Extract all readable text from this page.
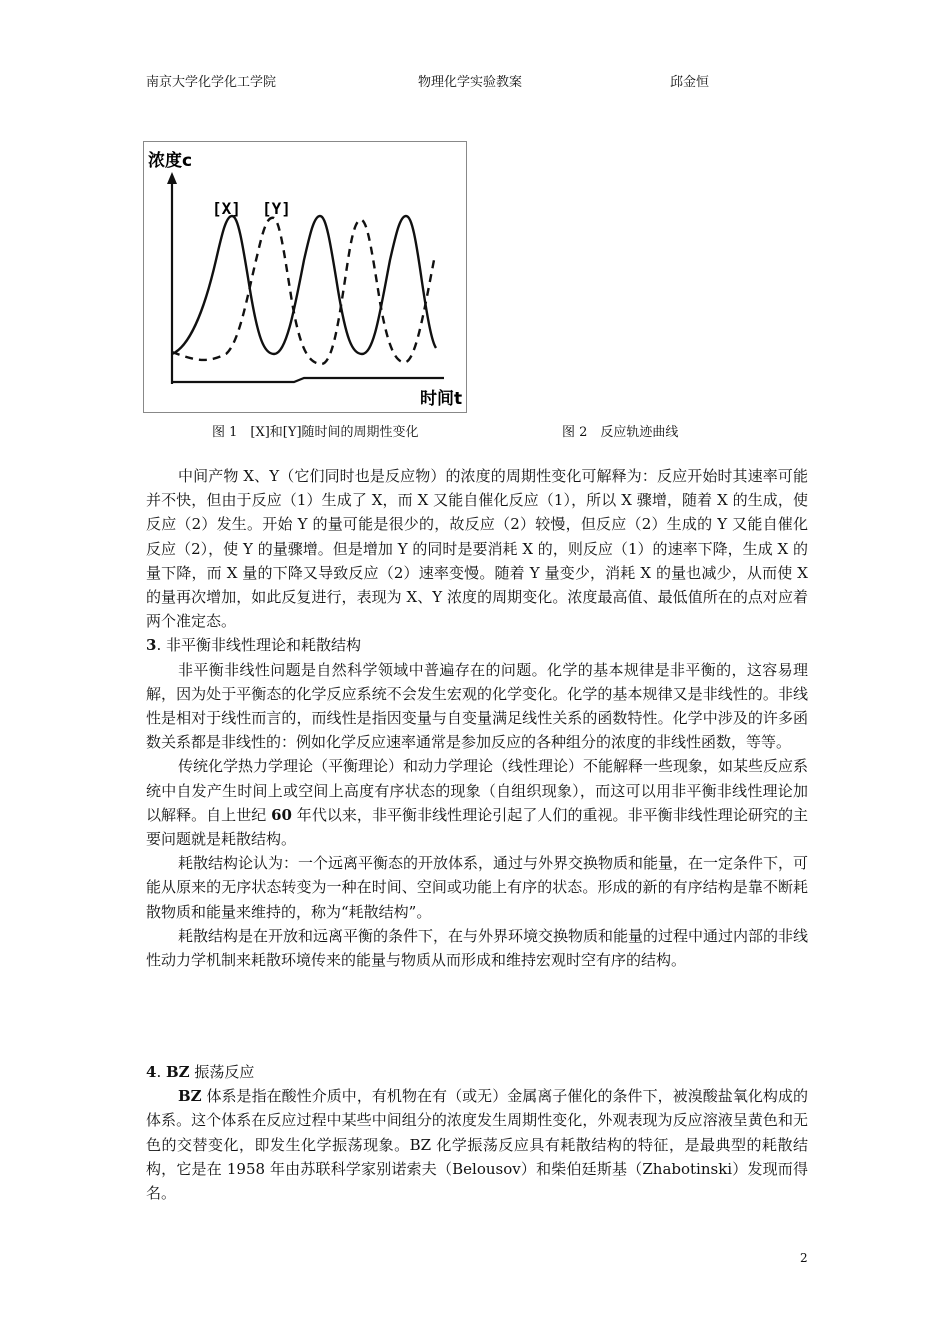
南京大学化学化工学院	物理化学实验教案	邱金恒
浓度c
时间t
[X] [Y]
图 1　[X]和[Y]随时间的周期性变化	图 2　反应轨迹曲线

中间产物 X、Y（它们同时也是反应物）的浓度的周期性变化可解释为：反应开始时其速率可能并不快，但由于反应（1）生成了 X，而 X 又能自催化反应（1），所以 X 骤增，随着 X 的生成，使反应（2）发生。开始 Y 的量可能是很少的，故反应（2）较慢，但反应（2）生成的 Y 又能自催化反应（2），使 Y 的量骤增。但是增加 Y 的同时是要消耗 X 的，则反应（1）的速率下降，生成 X 的量下降，而 X 量的下降又导致反应（2）速率变慢。随着 Y 量变少，消耗 X 的量也减少，从而使 X 的量再次增加，如此反复进行，表现为 X、Y 浓度的周期变化。浓度最高值、最低值所在的点对应着两个准定态。

3. 非平衡非线性理论和耗散结构

非平衡非线性问题是自然科学领域中普遍存在的问题。化学的基本规律是非平衡的，这容易理解，因为处于平衡态的化学反应系统不会发生宏观的化学变化。化学的基本规律又是非线性的。非线性是相对于线性而言的，而线性是指因变量与自变量满足线性关系的函数特性。化学中涉及的许多函数关系都是非线性的：例如化学反应速率通常是参加反应的各种组分的浓度的非线性函数，等等。

传统化学热力学理论（平衡理论）和动力学理论（线性理论）不能解释一些现象，如某些反应系统中自发产生时间上或空间上高度有序状态的现象（自组织现象），而这可以用非平衡非线性理论加以解释。自上世纪 60 年代以来，非平衡非线性理论引起了人们的重视。非平衡非线性理论研究的主要问题就是耗散结构。

耗散结构论认为：一个远离平衡态的开放体系，通过与外界交换物质和能量，在一定条件下，可能从原来的无序状态转变为一种在时间、空间或功能上有序的状态。形成的新的有序结构是靠不断耗散物质和能量来维持的，称为“耗散结构”。

耗散结构是在开放和远离平衡的条件下，在与外界环境交换物质和能量的过程中通过内部的非线性动力学机制来耗散环境传来的能量与物质从而形成和维持宏观时空有序的结构。

4. BZ 振荡反应

BZ 体系是指在酸性介质中，有机物在有（或无）金属离子催化的条件下，被溴酸盐氧化构成的体系。这个体系在反应过程中某些中间组分的浓度发生周期性变化，外观表现为反应溶液呈黄色和无色的交替变化，即发生化学振荡现象。BZ 化学振荡反应具有耗散结构的特征，是最典型的耗散结构，它是在 1958 年由苏联科学家别诺索夫（Belousov）和柴伯廷斯基（Zhabotinski）发现而得名。

2
